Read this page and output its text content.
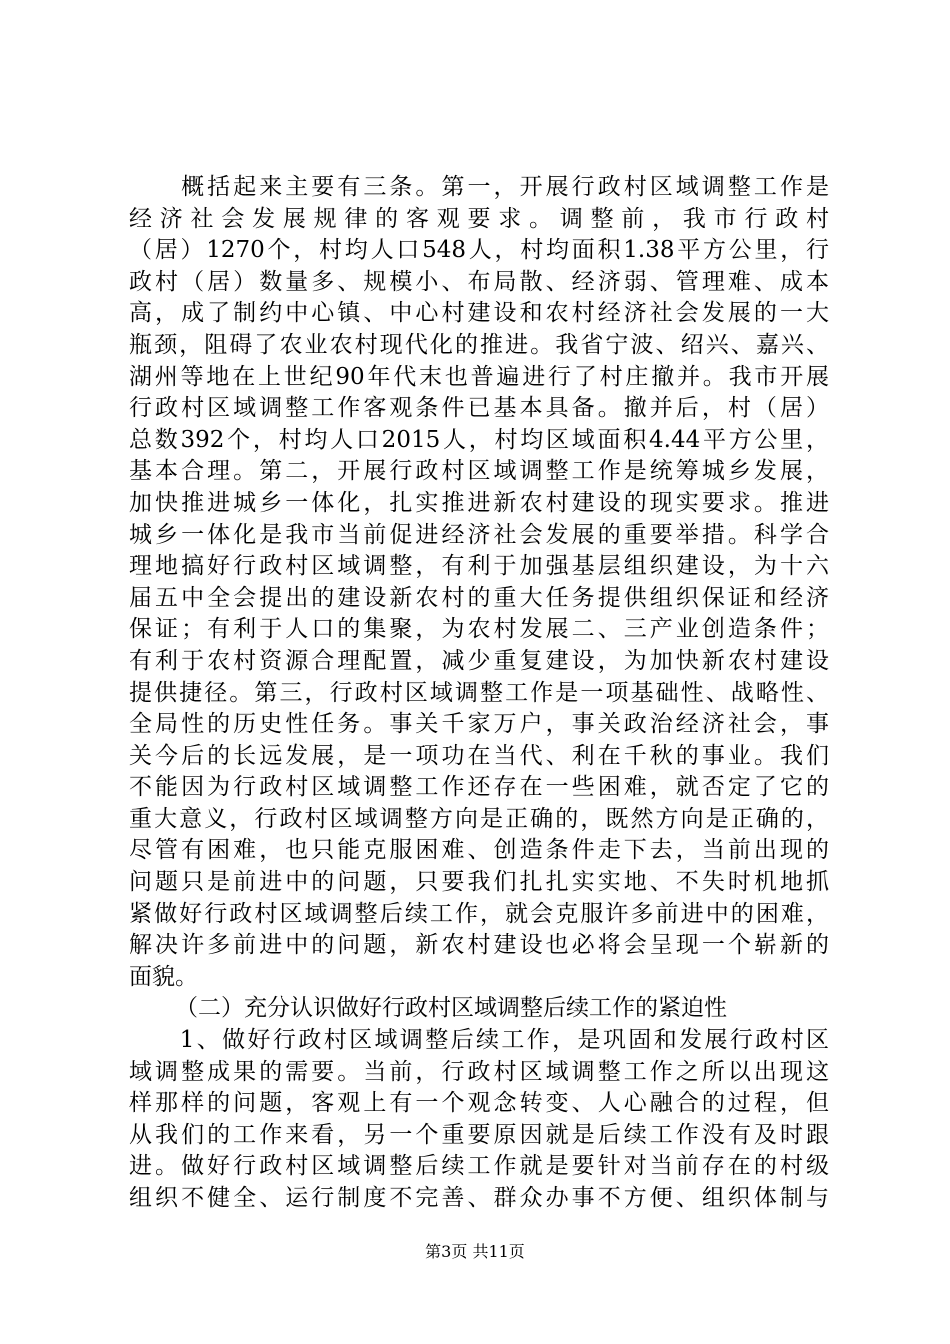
　　概括起来主要有三条。第一，开展行政村区域调整工作是
经济社会发展规律的客观要求。调整前，我市行政村
（居）1270个，村均人口548人，村均面积1.38平方公里，行
政村（居）数量多、规模小、布局散、经济弱、管理难、成本
高，成了制约中心镇、中心村建设和农村经济社会发展的一大
瓶颈，阻碍了农业农村现代化的推进。我省宁波、绍兴、嘉兴、
湖州等地在上世纪90年代末也普遍进行了村庄撤并。我市开展
行政村区域调整工作客观条件已基本具备。撤并后，村（居）
总数392个，村均人口2015人，村均区域面积4.44平方公里，
基本合理。第二，开展行政村区域调整工作是统筹城乡发展，
加快推进城乡一体化，扎实推进新农村建设的现实要求。推进
城乡一体化是我市当前促进经济社会发展的重要举措。科学合
理地搞好行政村区域调整，有利于加强基层组织建设，为十六
届五中全会提出的建设新农村的重大任务提供组织保证和经济
保证；有利于人口的集聚，为农村发展二、三产业创造条件；
有利于农村资源合理配置，减少重复建设，为加快新农村建设
提供捷径。第三，行政村区域调整工作是一项基础性、战略性、
全局性的历史性任务。事关千家万户，事关政治经济社会，事
关今后的长远发展，是一项功在当代、利在千秋的事业。我们
不能因为行政村区域调整工作还存在一些困难，就否定了它的
重大意义，行政村区域调整方向是正确的，既然方向是正确的，
尽管有困难，也只能克服困难、创造条件走下去，当前出现的
问题只是前进中的问题，只要我们扎扎实实地、不失时机地抓
紧做好行政村区域调整后续工作，就会克服许多前进中的困难，
解决许多前进中的问题，新农村建设也必将会呈现一个崭新的
面貌。
（二）充分认识做好行政村区域调整后续工作的紧迫性
　　1、做好行政村区域调整后续工作，是巩固和发展行政村区
域调整成果的需要。当前，行政村区域调整工作之所以出现这
样那样的问题，客观上有一个观念转变、人心融合的过程，但
从我们的工作来看，另一个重要原因就是后续工作没有及时跟
进。做好行政村区域调整后续工作就是要针对当前存在的村级
组织不健全、运行制度不完善、群众办事不方便、组织体制与
第3页 共11页
